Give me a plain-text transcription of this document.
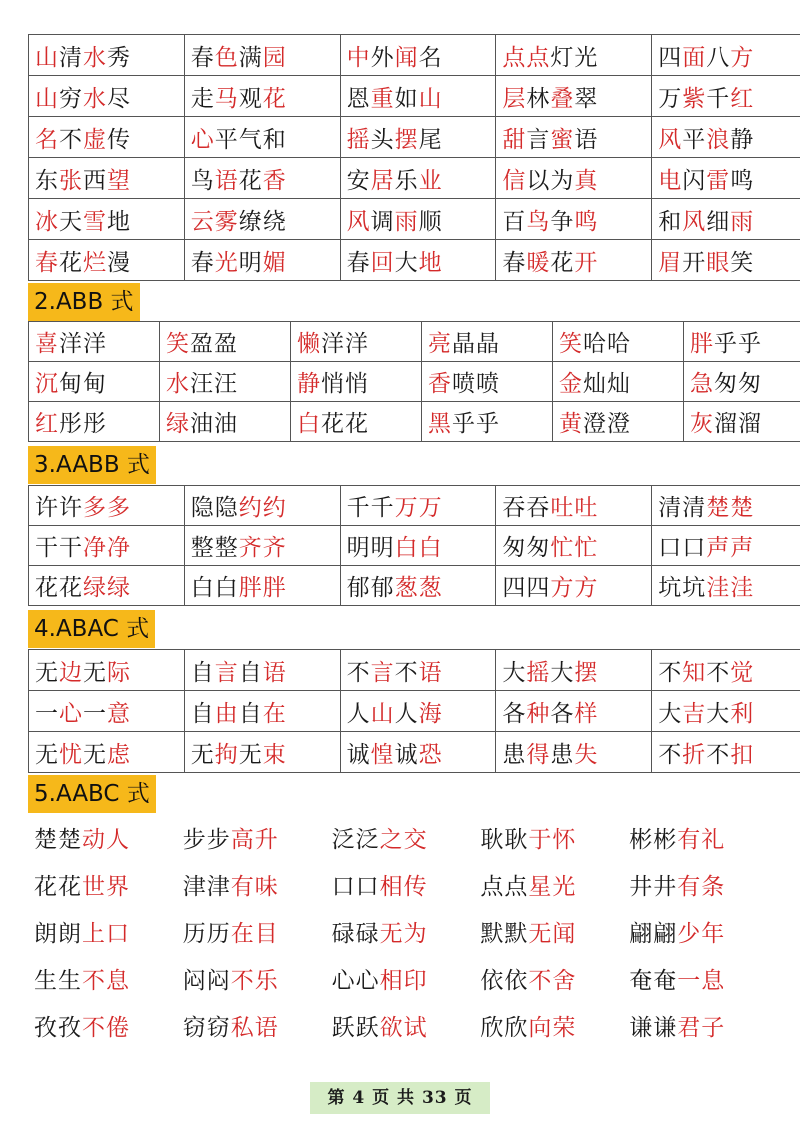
山清水秀	春色满园	中外闻名	点点灯光	四面八方
山穷水尽	走马观花	恩重如山	层林叠翠	万紫千红
名不虚传	心平气和	摇头摆尾	甜言蜜语	风平浪静
东张西望	鸟语花香	安居乐业	信以为真	电闪雷鸣
冰天雪地	云雾缭绕	风调雨顺	百鸟争鸣	和风细雨
春花烂漫	春光明媚	春回大地	春暖花开	眉开眼笑
2.ABB 式
喜洋洋	笑盈盈	懒洋洋	亮晶晶	笑哈哈	胖乎乎
沉甸甸	水汪汪	静悄悄	香喷喷	金灿灿	急匆匆
红彤彤	绿油油	白花花	黑乎乎	黄澄澄	灰溜溜
3.AABB 式
许许多多	隐隐约约	千千万万	吞吞吐吐	清清楚楚
干干净净	整整齐齐	明明白白	匆匆忙忙	口口声声
花花绿绿	白白胖胖	郁郁葱葱	四四方方	坑坑洼洼
4.ABAC 式
无边无际	自言自语	不言不语	大摇大摆	不知不觉
一心一意	自由自在	人山人海	各种各样	大吉大利
无忧无虑	无拘无束	诚惶诚恐	患得患失	不折不扣
5.AABC 式
楚楚动人	步步高升	泛泛之交	耿耿于怀	彬彬有礼
花花世界	津津有味	口口相传	点点星光	井井有条
朗朗上口	历历在目	碌碌无为	默默无闻	翩翩少年
生生不息	闷闷不乐	心心相印	依依不舍	奄奄一息
孜孜不倦	窃窃私语	跃跃欲试	欣欣向荣	谦谦君子
第 4 页 共 33 页
